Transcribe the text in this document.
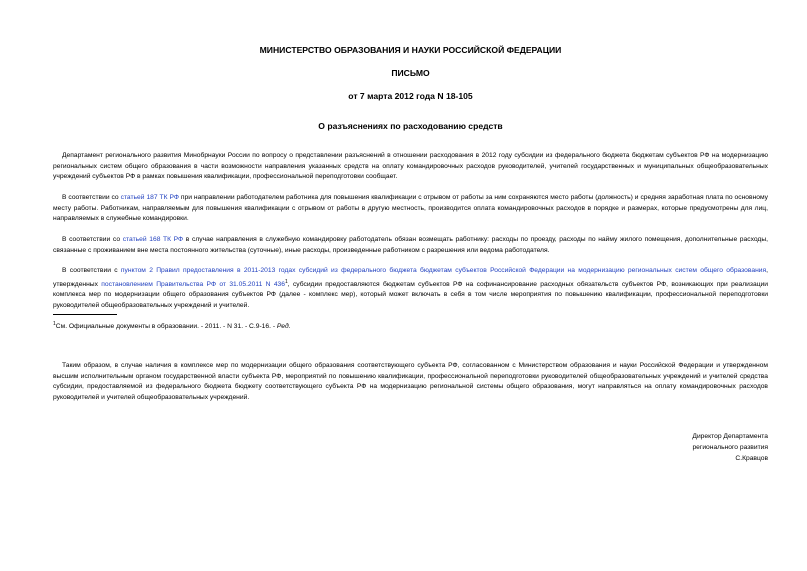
МИНИСТЕРСТВО ОБРАЗОВАНИЯ И НАУКИ РОССИЙСКОЙ ФЕДЕРАЦИИ
ПИСЬМО
от 7 марта 2012 года N 18-105
О разъяснениях по расходованию средств

Департамент регионального развития Минобрнауки России по вопросу о представлении разъяснений в отношении расходования в 2012 году субсидии из федерального бюджета бюджетам субъектов РФ на модернизацию региональных систем общего образования в части возможности направления указанных средств на оплату командировочных расходов руководителей, учителей государственных и муниципальных общеобразовательных учреждений субъектов РФ в рамках повышения квалификации, профессиональной переподготовки сообщает.

В соответствии со статьей 187 ТК РФ при направлении работодателем работника для повышения квалификации с отрывом от работы за ним сохраняются место работы (должность) и средняя заработная плата по основному месту работы. Работникам, направляемым для повышения квалификации с отрывом от работы в другую местность, производится оплата командировочных расходов в порядке и размерах, которые предусмотрены для лиц, направляемых в служебные командировки.

В соответствии со статьей 168 ТК РФ в случае направления в служебную командировку работодатель обязан возмещать работнику: расходы по проезду, расходы по найму жилого помещения, дополнительные расходы, связанные с проживанием вне места постоянного жительства (суточные), иные расходы, произведенные работником с разрешения или ведома работодателя.

В соответствии с пунктом 2 Правил предоставления в 2011-2013 годах субсидий из федерального бюджета бюджетам субъектов Российской Федерации на модернизацию региональных систем общего образования, утвержденных постановлением Правительства РФ от 31.05.2011 N $436^1$, субсидии предоставляются бюджетам субъектов РФ на софинансирование расходных обязательств субъектов РФ, возникающих при реализации комплекса мер по модернизации общего образования субъектов РФ (далее - комплекс мер), который может включать в себя в том числе мероприятия по повышению квалификации, профессиональной переподготовки руководителей общеобразовательных учреждений и учителей.

$^1$См. Официальные документы в образовании. - 2011. - N 31. - С.9-16. - Ред.

Таким образом, в случае наличия в комплексе мер по модернизации общего образования соответствующего субъекта РФ, согласованном с Министерством образования и науки Российской Федерации и утвержденном высшим исполнительным органом государственной власти субъекта РФ, мероприятий по повышению квалификации, профессиональной переподготовки руководителей общеобразовательных учреждений и учителей средства субсидии, предоставляемой из федерального бюджета бюджету соответствующего субъекта РФ на модернизацию региональной системы общего образования, могут направляться на оплату командировочных расходов руководителей и учителей общеобразовательных учреждений.

Директор Департамента
регионального развития
С.Кравцов
